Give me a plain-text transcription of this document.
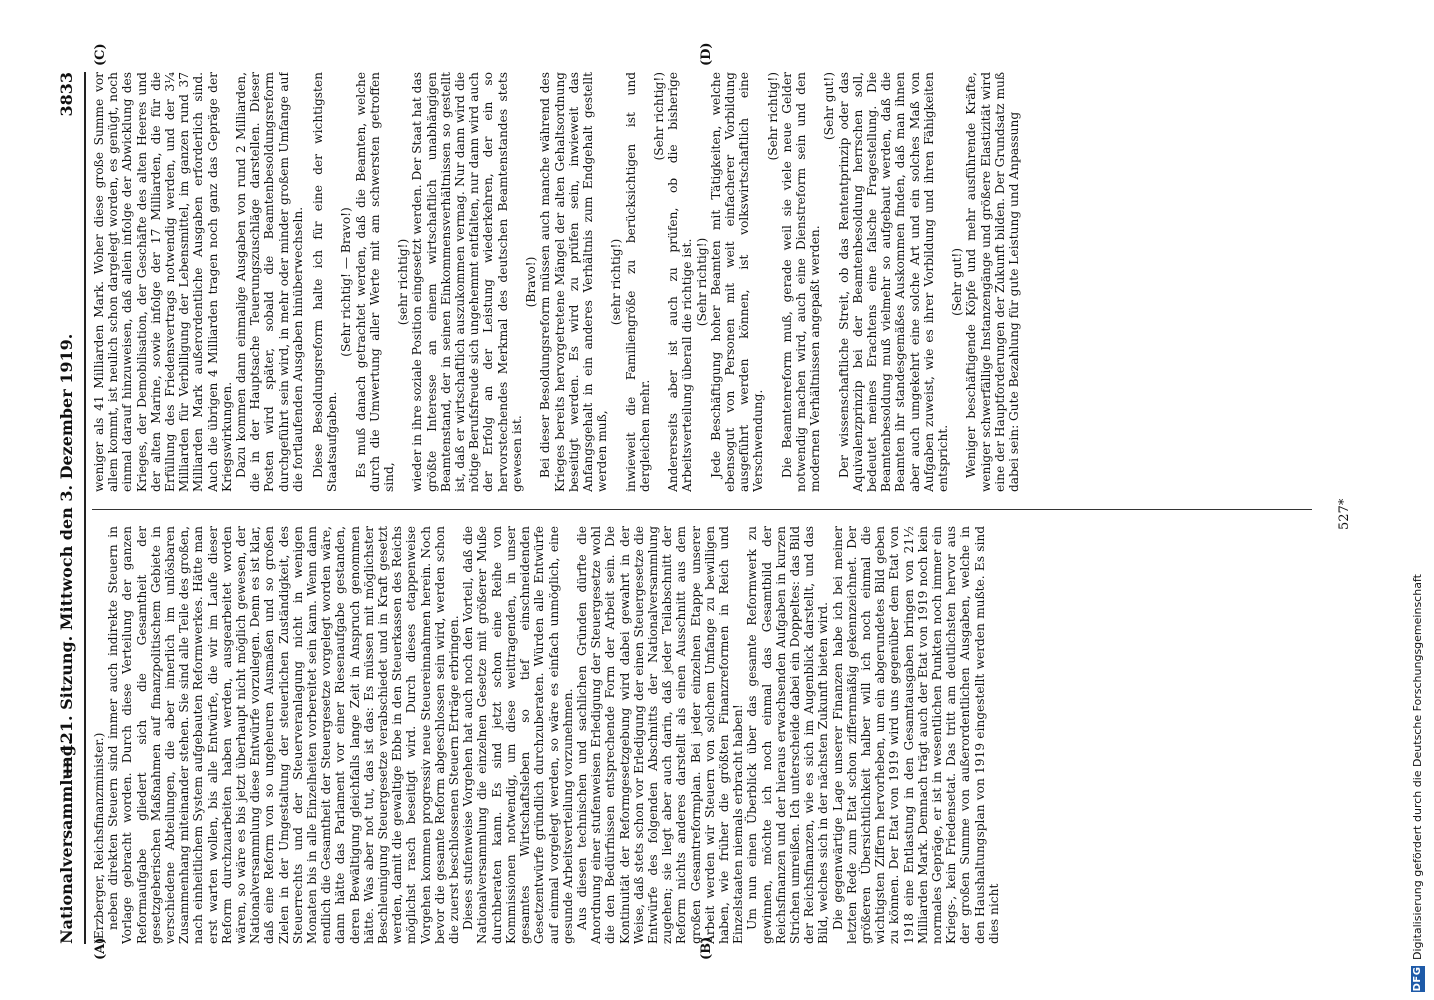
Nationalversammlung.
— 121. Sitzung. Mittwoch den 3. Dezember 1919.
3833
(A)	(B)
(C)	(D)

(Erzberger, Reichsfinanzminister.) neben direkten Steuern sind immer auch indirekte Steuern in Vorlage gebracht worden. Durch diese Verteilung der ganzen Reformaufgabe gliedert sich die Gesamtheit der gesetzgeberischen Maßnahmen auf finanzpolitischem Gebiete in verschiedene Abteilungen, die aber innerlich im unlösbaren Zusammenhang miteinander stehen. Sie sind alle Teile des großen, nach einheitlichem System aufgebauten Reformwerkes. Hätte man erst warten wollen, bis alle Entwürfe, die wir im Laufe dieser Reform durchzuarbeiten haben werden, ausgearbeitet worden wären, so wäre es bis jetzt überhaupt nicht möglich gewesen, der Nationalversammlung diese Entwürfe vorzulegen. Denn es ist klar, daß eine Reform von so ungeheuren Ausmaßen und so großen Zielen in der Umgestaltung der steuerlichen Zuständigkeit, des Steuerrechts und der Steuerveranlagung nicht in wenigen Monaten bis in alle Einzelheiten vorbereitet sein kann. Wenn dann endlich die Gesamtheit der Steuergesetze vorgelegt worden wäre, dann hätte das Parlament vor einer Riesenaufgabe gestanden, deren Bewältigung gleichfalls lange Zeit in Anspruch genommen hätte. Was aber not tut, das ist das: Es müssen mit möglichster Beschleunigung Steuergesetze verabschiedet und in Kraft gesetzt werden, damit die gewaltige Ebbe in den Steuerkassen des Reichs möglichst rasch beseitigt wird. Durch dieses etappenweise Vorgehen kommen progressiv neue Steuereinnahmen herein. Noch bevor die gesamte Reform abgeschlossen sein wird, werden schon die zuerst beschlossenen Steuern Erträge erbringen. Dieses stufenweise Vorgehen hat auch noch den Vorteil, daß die Nationalversammlung die einzelnen Gesetze mit größerer Muße durchberaten kann. Es sind jetzt schon eine Reihe von Kommissionen notwendig, um diese weittragenden, in unser gesamtes Wirtschaftsleben so tief einschneidenden Gesetzentwürfe gründlich durchzuberaten. Würden alle Entwürfe auf einmal vorgelegt werden, so wäre es einfach unmöglich, eine gesunde Arbeitsverteilung vorzunehmen. Aus diesen technischen und sachlichen Gründen dürfte die Anordnung einer stufenweisen Erledigung der Steuergesetze wohl die den Bedürfnissen entsprechende Form der Arbeit sein. Die Kontinuität der Reformgesetzgebung wird dabei gewahrt in der Weise, daß stets schon vor Erledigung der einen Steuergesetze die Entwürfe des folgenden Abschnitts der Nationalversammlung zugehen; sie liegt aber auch darin, daß jeder Teilabschnitt der Reform nichts anderes darstellt als einen Ausschnitt aus dem großen Gesamtreformplan. Bei jeder einzelnen Etappe unserer Arbeit werden wir Steuern von solchem Umfange zu bewilligen haben, wie früher die größten Finanzreformen in Reich und Einzelstaaten niemals erbracht haben! Um nun einen Überblick über das gesamte Reformwerk zu gewinnen, möchte ich noch einmal das Gesamtbild der Reichsfinanzen und der hieraus erwachsenden Aufgaben in kurzen Strichen umreißen. Ich unterscheide dabei ein Doppeltes: das Bild der Reichsfinanzen, wie es sich im Augenblick darstellt, und das Bild, welches sich in der nächsten Zukunft bieten wird. Die gegenwärtige Lage unserer Finanzen habe ich bei meiner letzten Rede zum Etat schon ziffernmäßig gekennzeichnet. Der größeren Übersichtlichkeit halber will ich noch einmal die wichtigsten Ziffern hervorheben, um ein abgerundetes Bild geben zu können. Der Etat von 1919 wird uns gegenüber dem Etat von 1918 eine Entlastung in den Gesamtausgaben bringen von 21½ Milliarden Mark. Demnach trägt auch der Etat von 1919 noch kein normales Gepräge, er ist in wesentlichen Punkten noch immer ein Kriegs-, kein Friedensetat. Das tritt am deutlichsten hervor aus der großen Summe von außerordentlichen Ausgaben, welche in den Haushaltungsplan von 1919 eingestellt werden mußte. Es sind dies nicht

weniger als 41 Milliarden Mark. Woher diese große Summe vor allem kommt, ist neulich schon dargelegt worden, es genügt, noch einmal darauf hinzuweisen, daß allein infolge der Abwicklung des Krieges, der Demobilisation, der Geschäfte des alten Heeres und der alten Marine, sowie infolge der 17 Milliarden, die für die Erfüllung des Friedensvertrags notwendig werden, und der 3¼ Milliarden für Verbilligung der Lebensmittel, im ganzen rund 37 Milliarden Mark außerordentliche Ausgaben erforderlich sind. Auch die übrigen 4 Milliarden tragen noch ganz das Gepräge der Kriegswirkungen. Dazu kommen dann einmalige Ausgaben von rund 2 Milliarden, die in der Hauptsache Teuerungszuschläge darstellen. Dieser Posten wird später, sobald die Beamtenbesoldungsreform durchgeführt sein wird, in mehr oder minder großem Umfange auf die fortlaufenden Ausgaben hinüberwechseln. Diese Besoldungsreform halte ich für eine der wichtigsten Staatsaufgaben.

(Sehr richtig! — Bravo!) Es muß danach getrachtet werden, daß die Beamten, welche durch die Umwertung aller Werte mit am schwersten getroffen sind,

(sehr richtig!) wieder in ihre soziale Position eingesetzt werden. Der Staat hat das größte Interesse an einem wirtschaftlich unabhängigen Beamtenstand, der in seinen Einkommensverhältnissen so gestellt ist, daß er wirtschaftlich auszukommen vermag. Nur dann wird die nötige Berufsfreude sich ungehemmt entfalten, nur dann wird auch der Erfolg an der Leistung wiederkehren, der ein so hervorstechendes Merkmal des deutschen Beamtenstandes stets gewesen ist.

(Bravo!) Bei dieser Besoldungsreform müssen auch manche während des Krieges bereits hervorgetretene Mängel der alten Gehaltsordnung beseitigt werden. Es wird zu prüfen sein, inwieweit das Anfangsgehalt in ein anderes Verhältnis zum Endgehalt gestellt werden muß,

(sehr richtig!) inwieweit die Familiengröße zu berücksichtigen ist und dergleichen mehr.

(Sehr richtig!) Andererseits aber ist auch zu prüfen, ob die bisherige Arbeitsverteilung überall die richtige ist. (Sehr richtig!) Jede Beschäftigung hoher Beamten mit Tätigkeiten, welche ebensogut von Personen mit weit einfacherer Vorbildung ausgeführt werden können, ist volkswirtschaftlich eine Verschwendung.

(Sehr richtig!) Die Beamtenreform muß, gerade weil sie viele neue Gelder notwendig machen wird, auch eine Dienstreform sein und den modernen Verhältnissen angepaßt werden.

(Sehr gut!) Der wissenschaftliche Streit, ob das Rententprinzip oder das Aquivalenzprinzip bei der Beamtenbesoldung herrschen soll, bedeutet meines Erachtens eine falsche Fragestellung. Die Beamtenbesoldung muß vielmehr so aufgebaut werden, daß die Beamten ihr standesgemäßes Auskommen finden, daß man ihnen aber auch umgekehrt eine solche Art und ein solches Maß von Aufgaben zuweist, wie es ihrer Vorbildung und ihren Fähigkeiten entspricht.

(Sehr gut!) Weniger beschäftigende Köpfe und mehr ausführende Kräfte, weniger schwerfällige Instanzengänge und größere Elastizität wird eine der Hauptforderungen der Zukunft bilden. Der Grundsatz muß dabei sein: Gute Bezahlung für gute Leistung und Anpassung

527*
DFG
Digitalisierung gefördert durch die Deutsche Forschungsgemeinschaft
